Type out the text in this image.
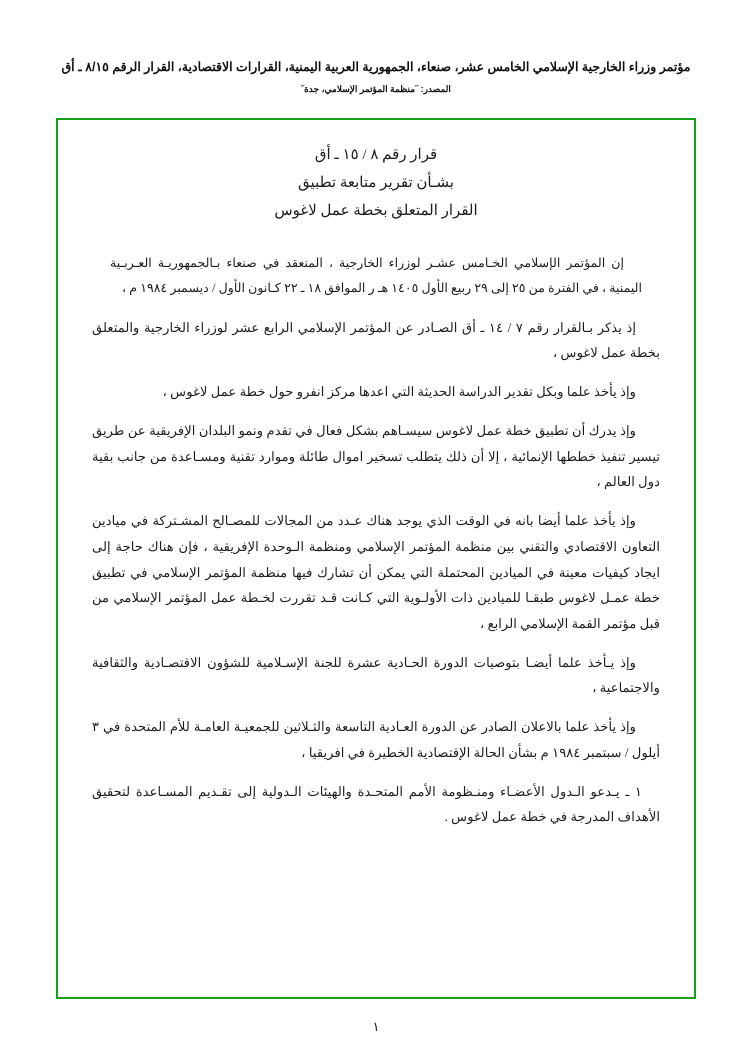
مؤتمر وزراء الخارجية الإسلامي الخامس عشر، صنعاء، الجمهورية العربية اليمنية، القرارات الاقتصادية، القرار الرقم ٨/١٥ ـ أق
المصدر: ˝منظمة المؤتمر الإسلامي، جدة˝
قرار رقم ٨ / ١٥ ـ أق
بشـأن تقرير متابعة تطبيق
القرار المتعلق بخطة عمل لاغوس

إن المؤتمر الإسلامي الخـامس عشـر لوزراء الخارجية ، المنعقد في صنعاء بـالجمهوريـة العـربـية اليمنية ، في الفترة من ٢٥ إلى ٢٩ ربيع الأول ١٤٠٥ هـ ر الموافق ١٨ ـ ٢٢ كـانون الأول / ديسمبر ١٩٨٤ م ،

إذ يذكر بـالقرار رقم ٧ / ١٤ ـ أق الصـادر عن المؤتمر الإسلامي الرابع عشر لوزراء الخارجية والمتعلق بخطة عمل لاغوس ،

وإذ يأخذ علما وبكل تقدير الدراسة الحديثة التي اعدها مركز انفرو حول خطة عمل لاغوس ،

وإذ يدرك أن تطبيق خطة عمل لاغوس سيسـاهم بشكل فعال في تقدم ونمو البلدان الإفريقية عن طريق تيسير تنفيذ خططها الإنمائية ، إلا أن ذلك يتطلب تسخير اموال طائلة وموارد تقنية ومسـاعدة من جانب بقية دول العالم ،

وإذ يأخذ علما أيضا بانه في الوقت الذي يوجد هناك عـدد من المجالات للمصـالح المشـتركة في ميادين التعاون الاقتصادي والتقني بين منظمة المؤتمر الإسلامي ومنظمة الـوحدة الإفريقية ، فإن هناك حاجة إلى ايجاد كيفيات معينة في الميادين المحتملة التي يمكن أن تشارك فيها منظمة المؤتمر الإسلامي في تطبيق خطة عمـل لاغوس طبقـا للميادين ذات الأولـوية التي كـانت قـد تقررت لخـطة عمل المؤتمر الإسلامي من قبل مؤتمر القمة الإسلامي الرابع ،

وإذ يـأخذ علما أيضـا بتوصيات الدورة الحـادية عشرة للجنة الإسـلامية للشؤون الاقتصـادية والثقافية والاجتماعية ،

وإذ يأخذ علما بالاعلان الصادر عن الدورة العـادية التاسعة والثـلاثين للجمعيـة العامـة للأم المتحدة في ٣ أيلول / سبتمبر ١٩٨٤ م بشأن الحالة الإقتصادية الخطيرة في افريقيا ،

١ ـ يـدعو الـدول الأعضـاء ومنـظومة الأمم المتحـدة والهيئات الـدولية إلى تقـديم المسـاعدة لتحقيق الأهداف المدرجة في خطة عمل لاغوس .

١
